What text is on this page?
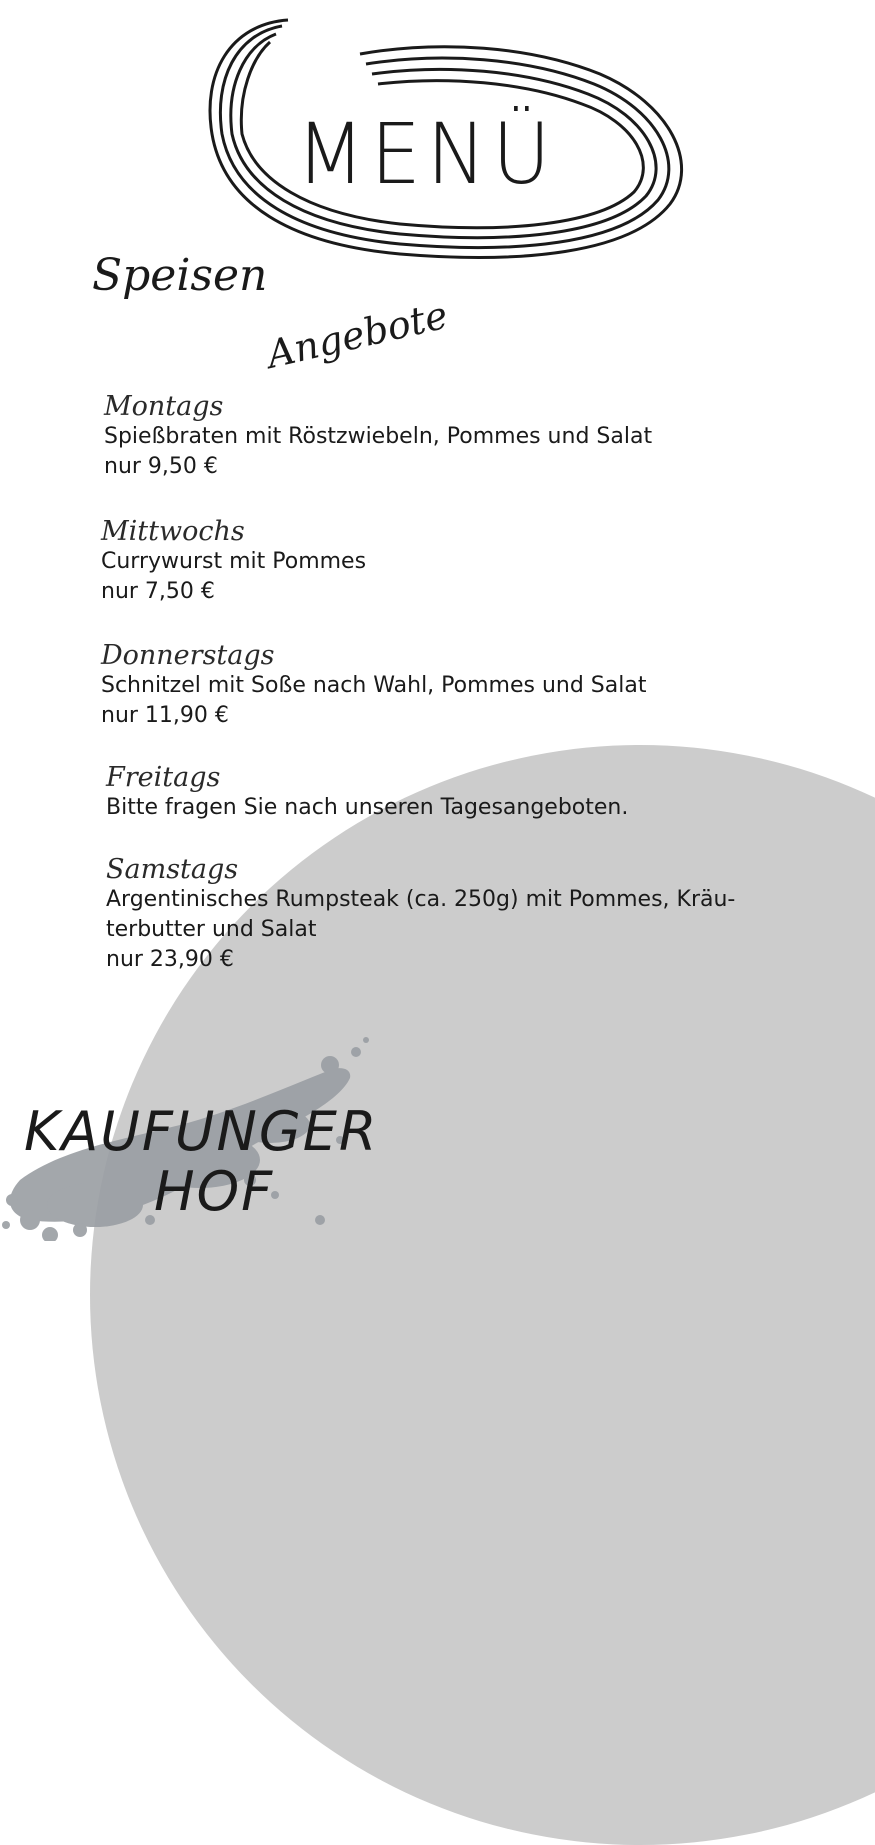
MENÜ
Speisen
Angebote

Montags

Spießbraten mit Röstzwiebeln, Pommes und Salat

nur 9,50 €

Mittwochs

Currywurst mit Pommes

nur 7,50 €

Donnerstags

Schnitzel mit Soße nach Wahl, Pommes und Salat

nur 11,90 €

Freitags

Bitte fragen Sie nach unseren Tagesangeboten.

Samstags

Argentinisches Rumpsteak (ca. 250g) mit Pommes, Kräu-

terbutter und Salat

nur 23,90 €

KAUFUNGER
HOF
